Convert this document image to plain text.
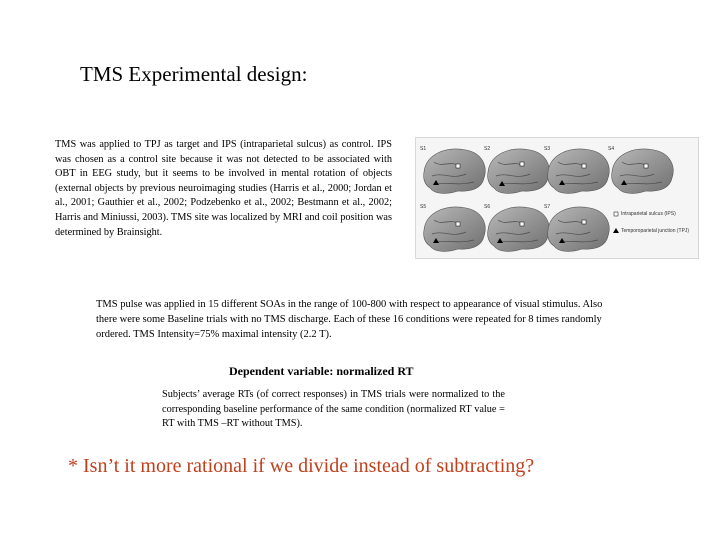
TMS Experimental design:
TMS was applied to TPJ as target and IPS (intraparietal sulcus) as control. IPS was chosen as a control site because it was not detected to be associated with OBT in EEG study, but it seems to be involved in mental rotation of objects (external objects by previous neuroimaging studies (Harris et al., 2000; Jordan et al., 2001; Gauthier et al., 2002; Podzebenko et al., 2002; Bestmann et al., 2002; Harris and Miniussi, 2003). TMS site was localized by MRI and coil position was determined by Brainsight.
S1	S2	S3	S4
S5	S6	S7
Intraparietal sulcus (IPS)
Temporoparietal junction (TPJ)
TMS pulse was applied in 15 different SOAs in the range of 100-800 with respect to appearance of visual stimulus. Also there were some Baseline trials with no TMS discharge. Each of these 16 conditions were repeated for 8 times randomly ordered. TMS Intensity=75% maximal intensity (2.2 T).
Dependent variable: normalized RT
Subjects’ average RTs (of correct responses) in TMS trials were normalized to the corresponding baseline performance of the same condition (normalized RT value = RT with TMS –RT without TMS).
* Isn’t it more rational if we divide instead of subtracting?
